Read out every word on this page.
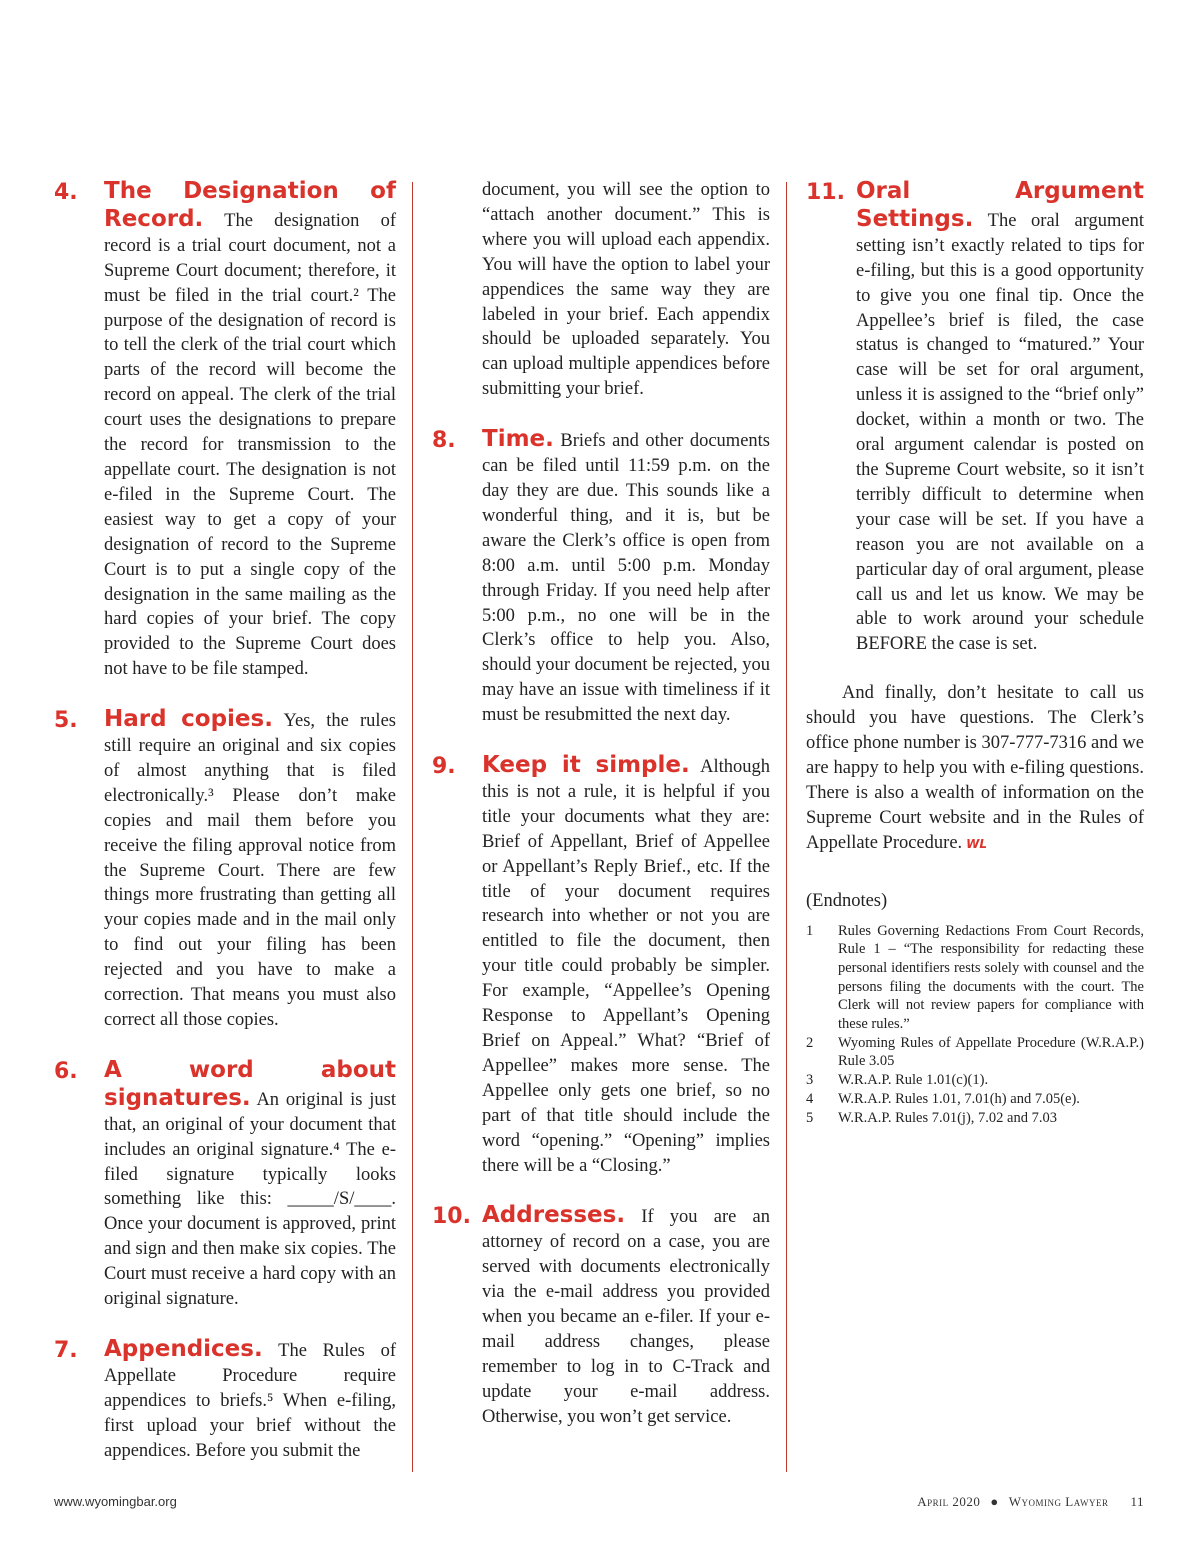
4. The Designation of Record. The designation of record is a trial court document, not a Supreme Court document; therefore, it must be filed in the trial court.² The purpose of the designation of record is to tell the clerk of the trial court which parts of the record will become the record on appeal. The clerk of the trial court uses the designations to prepare the record for transmission to the appellate court. The designation is not e-filed in the Supreme Court. The easiest way to get a copy of your designation of record to the Supreme Court is to put a single copy of the designation in the same mailing as the hard copies of your brief. The copy provided to the Supreme Court does not have to be file stamped.

5. Hard copies. Yes, the rules still require an original and six copies of almost anything that is filed electronically.³ Please don’t make copies and mail them before you receive the filing approval notice from the Supreme Court. There are few things more frustrating than getting all your copies made and in the mail only to find out your filing has been rejected and you have to make a correction. That means you must also correct all those copies.

6. A word about signatures. An original is just that, an original of your document that includes an original signature.⁴ The e-filed signature typically looks something like this: _____/S/____. Once your document is approved, print and sign and then make six copies. The Court must receive a hard copy with an original signature.

7. Appendices. The Rules of Appellate Procedure require appendices to briefs.⁵ When e-filing, first upload your brief without the appendices. Before you submit the

document, you will see the option to “attach another document.” This is where you will upload each appendix. You will have the option to label your appendices the same way they are labeled in your brief. Each appendix should be uploaded separately. You can upload multiple appendices before submitting your brief.

8. Time. Briefs and other documents can be filed until 11:59 p.m. on the day they are due. This sounds like a wonderful thing, and it is, but be aware the Clerk’s office is open from 8:00 a.m. until 5:00 p.m. Monday through Friday. If you need help after 5:00 p.m., no one will be in the Clerk’s office to help you. Also, should your document be rejected, you may have an issue with timeliness if it must be resubmitted the next day.

9. Keep it simple. Although this is not a rule, it is helpful if you title your documents what they are: Brief of Appellant, Brief of Appellee or Appellant’s Reply Brief., etc. If the title of your document requires research into whether or not you are entitled to file the document, then your title could probably be simpler. For example, “Appellee’s Opening Response to Appellant’s Opening Brief on Appeal.” What? “Brief of Appellee” makes more sense. The Appellee only gets one brief, so no part of that title should include the word “opening.” “Opening” implies there will be a “Closing.”

10. Addresses. If you are an attorney of record on a case, you are served with documents electronically via the e-mail address you provided when you became an e-filer. If your e-mail address changes, please remember to log in to C-Track and update your e-mail address. Otherwise, you won’t get service.

11. Oral Argument Settings. The oral argument setting isn’t exactly related to tips for e-filing, but this is a good opportunity to give you one final tip. Once the Appellee’s brief is filed, the case status is changed to “matured.” Your case will be set for oral argument, unless it is assigned to the “brief only” docket, within a month or two. The oral argument calendar is posted on the Supreme Court website, so it isn’t terribly difficult to determine when your case will be set. If you have a reason you are not available on a particular day of oral argument, please call us and let us know. We may be able to work around your schedule BEFORE the case is set.

And finally, don’t hesitate to call us should you have questions. The Clerk’s office phone number is 307-777-7316 and we are happy to help you with e-filing questions. There is also a wealth of information on the Supreme Court website and in the Rules of Appellate Procedure. WL

(Endnotes)
1	Rules Governing Redactions From Court Records, Rule 1 – “The responsibility for redacting these personal identifiers rests solely with counsel and the persons filing the documents with the court. The Clerk will not review papers for compliance with these rules.”
2	Wyoming Rules of Appellate Procedure (W.R.A.P.) Rule 3.05
3	W.R.A.P. Rule 1.01(c)(1).
4	W.R.A.P. Rules 1.01, 7.01(h) and 7.05(e).
5	W.R.A.P. Rules 7.01(j), 7.02 and 7.03
www.wyomingbar.org	April 2020 ● Wyoming Lawyer 11
